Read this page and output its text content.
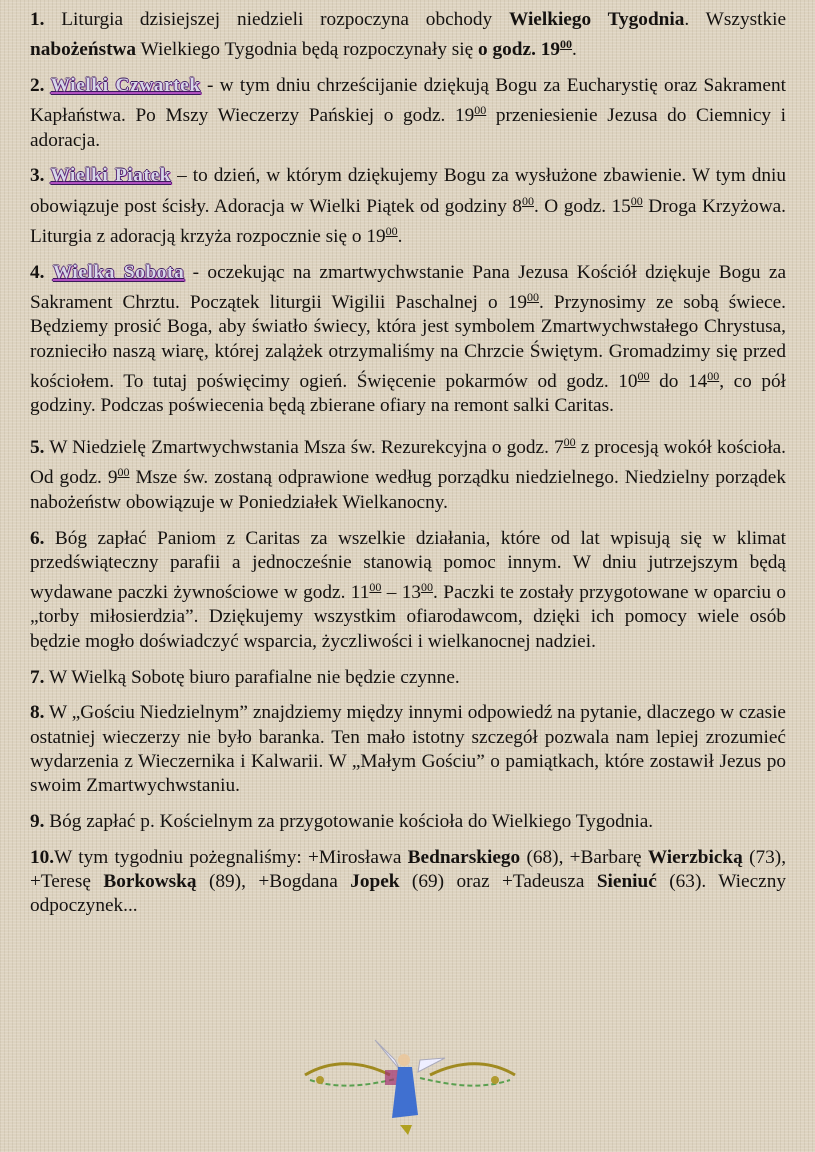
1. Liturgia dzisiejszej niedzieli rozpoczyna obchody Wielkiego Tygodnia. Wszystkie nabożeństwa Wielkiego Tygodnia będą rozpoczynały się o godz. $19^{00}$.

2. Wielki Czwartek - w tym dniu chrześcijanie dziękują Bogu za Eucharystię oraz Sakrament Kapłaństwa. Po Mszy Wieczerzy Pańskiej o godz. $19^{00}$ przeniesienie Jezusa do Ciemnicy i adoracja.

3. Wielki Piatek – to dzień, w którym dziękujemy Bogu za wysłużone zbawienie. W tym dniu obowiązuje post ścisły. Adoracja w Wielki Piątek od godziny $8^{00}$. O godz. $15^{00}$ Droga Krzyżowa. Liturgia z adoracją krzyża rozpocznie się o $19^{00}$.

4. Wielka Sobota - oczekując na zmartwychwstanie Pana Jezusa Kościół dziękuje Bogu za Sakrament Chrztu. Początek liturgii Wigilii Paschalnej o $19^{00}$. Przynosimy ze sobą świece. Będziemy prosić Boga, aby światło świecy, która jest symbolem Zmartwychwstałego Chrystusa, roznieciło naszą wiarę, której zalążek otrzymaliśmy na Chrzcie Świętym. Gromadzimy się przed kościołem. To tutaj poświęcimy ogień. Święcenie pokarmów od godz. $10^{00}$ do $14^{00}$, co pół godziny. Podczas poświecenia będą zbierane ofiary na remont salki Caritas.

5. W Niedzielę Zmartwychwstania Msza św. Rezurekcyjna o godz. $7^{00}$ z procesją wokół kościoła. Od godz. $9^{00}$ Msze św. zostaną odprawione według porządku niedzielnego. Niedzielny porządek nabożeństw obowiązuje w Poniedziałek Wielkanocny.

6. Bóg zapłać Paniom z Caritas za wszelkie działania, które od lat wpisują się w klimat przedświąteczny parafii a jednocześnie stanowią pomoc innym. W dniu jutrzejszym będą wydawane paczki żywnościowe w godz. $11^{00} - 13^{00}$. Paczki te zostały przygotowane w oparciu o „torby miłosierdzia”. Dziękujemy wszystkim ofiarodawcom, dzięki ich pomocy wiele osób będzie mogło doświadczyć wsparcia, życzliwości i wielkanocnej nadziei.

7. W Wielką Sobotę biuro parafialne nie będzie czynne.

8. W „Gościu Niedzielnym” znajdziemy między innymi odpowiedź na pytanie, dlaczego w czasie ostatniej wieczerzy nie było baranka. Ten mało istotny szczegół pozwala nam lepiej zrozumieć wydarzenia z Wieczernika i Kalwarii. W „Małym Gościu” o pamiątkach, które zostawił Jezus po swoim Zmartwychwstaniu.

9. Bóg zapłać p. Kościelnym za przygotowanie kościoła do Wielkiego Tygodnia.

10.W tym tygodniu pożegnaliśmy: +Mirosława Bednarskiego (68), +Barbarę Wierzbicką (73), +Teresę Borkowską (89), +Bogdana Jopek (69) oraz +Tadeusza Sieniuć (63). Wieczny odpoczynek...
